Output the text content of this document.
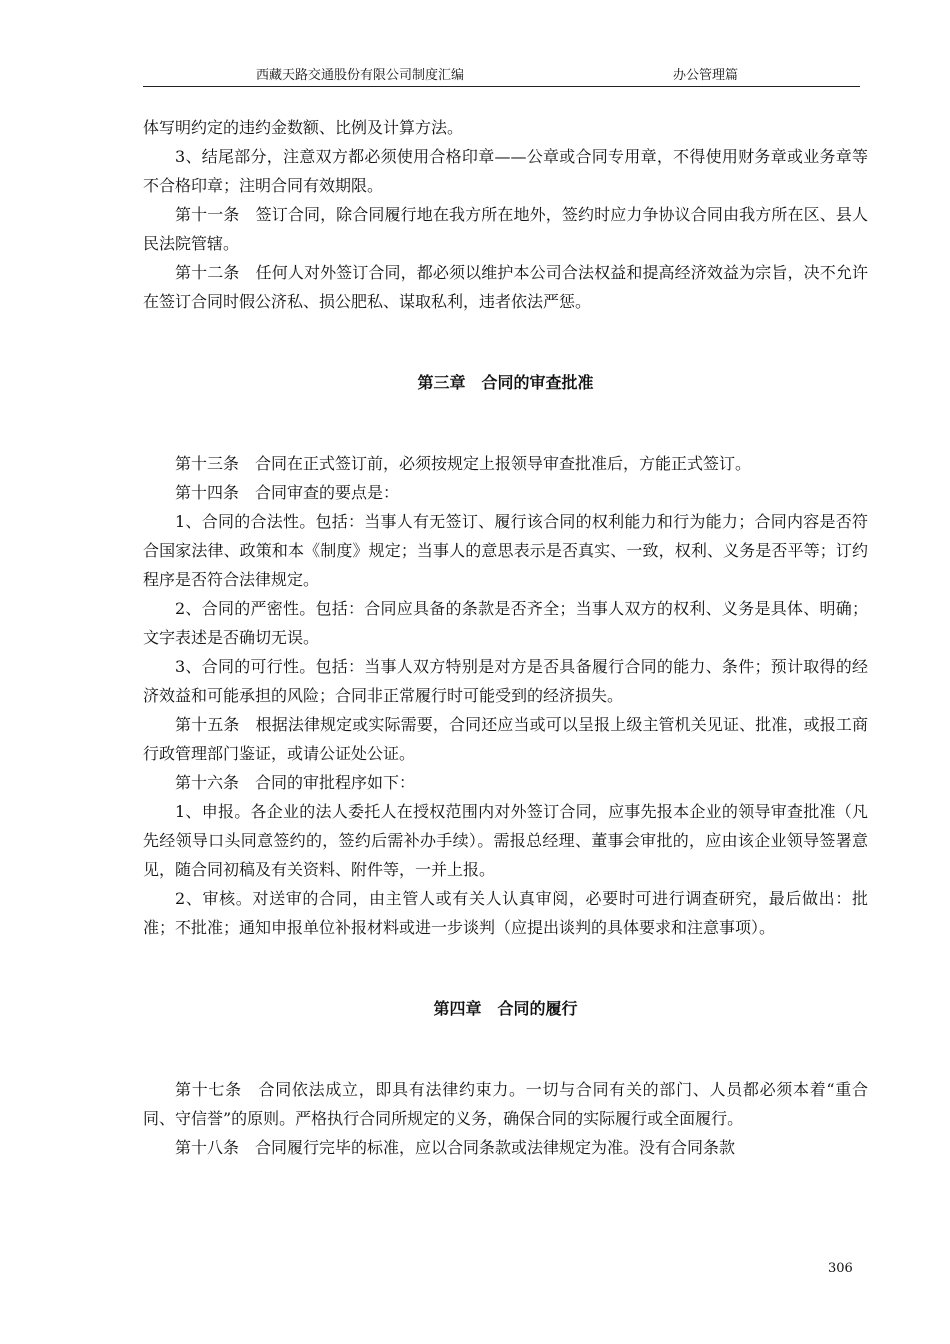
西藏天路交通股份有限公司制度汇编	办公管理篇

体写明约定的违约金数额、比例及计算方法。

3、结尾部分，注意双方都必须使用合格印章——公章或合同专用章，不得使用财务章或业务章等不合格印章；注明合同有效期限。

第十一条　签订合同，除合同履行地在我方所在地外，签约时应力争协议合同由我方所在区、县人民法院管辖。

第十二条　任何人对外签订合同，都必须以维护本公司合法权益和提高经济效益为宗旨，决不允许在签订合同时假公济私、损公肥私、谋取私利，违者依法严惩。

第三章　合同的审查批准

第十三条　合同在正式签订前，必须按规定上报领导审查批准后，方能正式签订。

第十四条　合同审查的要点是：

1、合同的合法性。包括：当事人有无签订、履行该合同的权利能力和行为能力；合同内容是否符合国家法律、政策和本《制度》规定；当事人的意思表示是否真实、一致，权利、义务是否平等；订约程序是否符合法律规定。

2、合同的严密性。包括：合同应具备的条款是否齐全；当事人双方的权利、义务是具体、明确；文字表述是否确切无误。

3、合同的可行性。包括：当事人双方特别是对方是否具备履行合同的能力、条件；预计取得的经济效益和可能承担的风险；合同非正常履行时可能受到的经济损失。

第十五条　根据法律规定或实际需要，合同还应当或可以呈报上级主管机关见证、批准，或报工商行政管理部门鉴证，或请公证处公证。

第十六条　合同的审批程序如下：

1、申报。各企业的法人委托人在授权范围内对外签订合同，应事先报本企业的领导审查批准（凡先经领导口头同意签约的，签约后需补办手续）。需报总经理、董事会审批的，应由该企业领导签署意见，随合同初稿及有关资料、附件等，一并上报。

2、审核。对送审的合同，由主管人或有关人认真审阅，必要时可进行调查研究，最后做出：批准；不批准；通知申报单位补报材料或进一步谈判（应提出谈判的具体要求和注意事项）。

第四章　合同的履行

第十七条　合同依法成立，即具有法律约束力。一切与合同有关的部门、人员都必须本着“重合同、守信誉”的原则。严格执行合同所规定的义务，确保合同的实际履行或全面履行。

第十八条　合同履行完毕的标准，应以合同条款或法律规定为准。没有合同条款

306
